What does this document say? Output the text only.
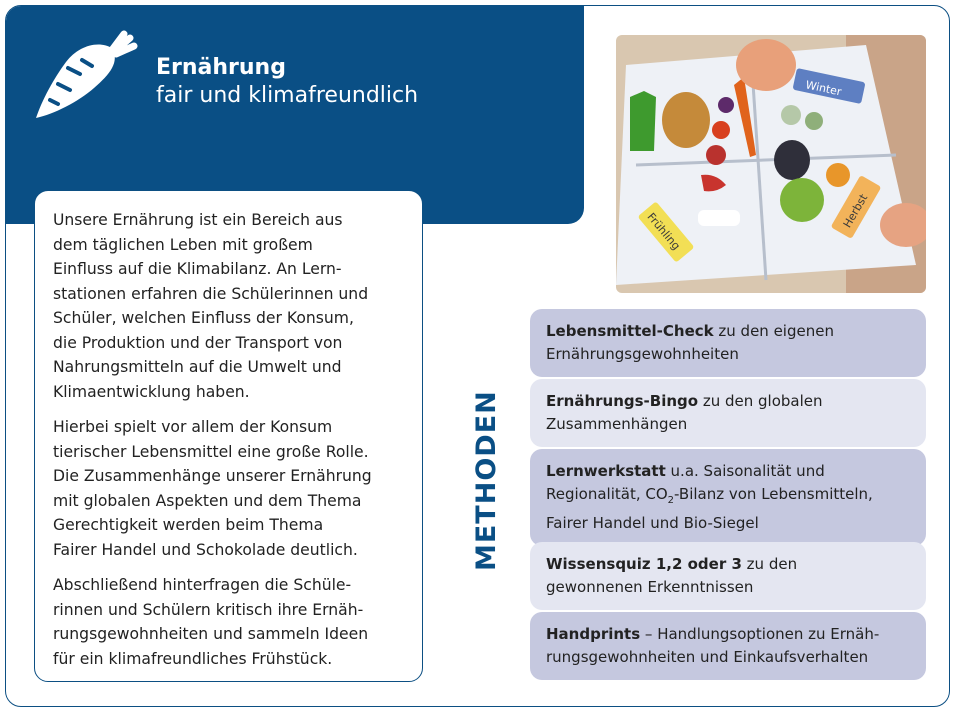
Ernährung
fair und klimafreundlich

Unsere Ernährung ist ein Bereich aus
dem täglichen Leben mit großem
Einfluss auf die Klimabilanz. An Lern-
stationen erfahren die Schülerinnen und
Schüler, welchen Einfluss der Konsum,
die Produktion und der Transport von
Nahrungsmitteln auf die Umwelt und
Klimaentwicklung haben.

Hierbei spielt vor allem der Konsum
tierischer Lebensmittel eine große Rolle.
Die Zusammenhänge unserer Ernährung
mit globalen Aspekten und dem Thema
Gerechtigkeit werden beim Thema
Fairer Handel und Schokolade deutlich.

Abschließend hinterfragen die Schüle-
rinnen und Schülern kritisch ihre Ernäh-
rungsgewohnheiten und sammeln Ideen
für ein klimafreundliches Frühstück.

Winter
Frühling	Herbst
METHODEN
Lebensmittel-Check zu den eigenen
Ernährungsgewohnheiten
Ernährungs-Bingo zu den globalen
Zusammenhängen
Lernwerkstatt u.a. Saisonalität und
Regionalität, $CO_2$-Bilanz von Lebensmitteln,
Fairer Handel und Bio-Siegel
Wissensquiz 1,2 oder 3 zu den
gewonnenen Erkenntnissen
Handprints – Handlungsoptionen zu Ernäh-
rungsgewohnheiten und Einkaufsverhalten
